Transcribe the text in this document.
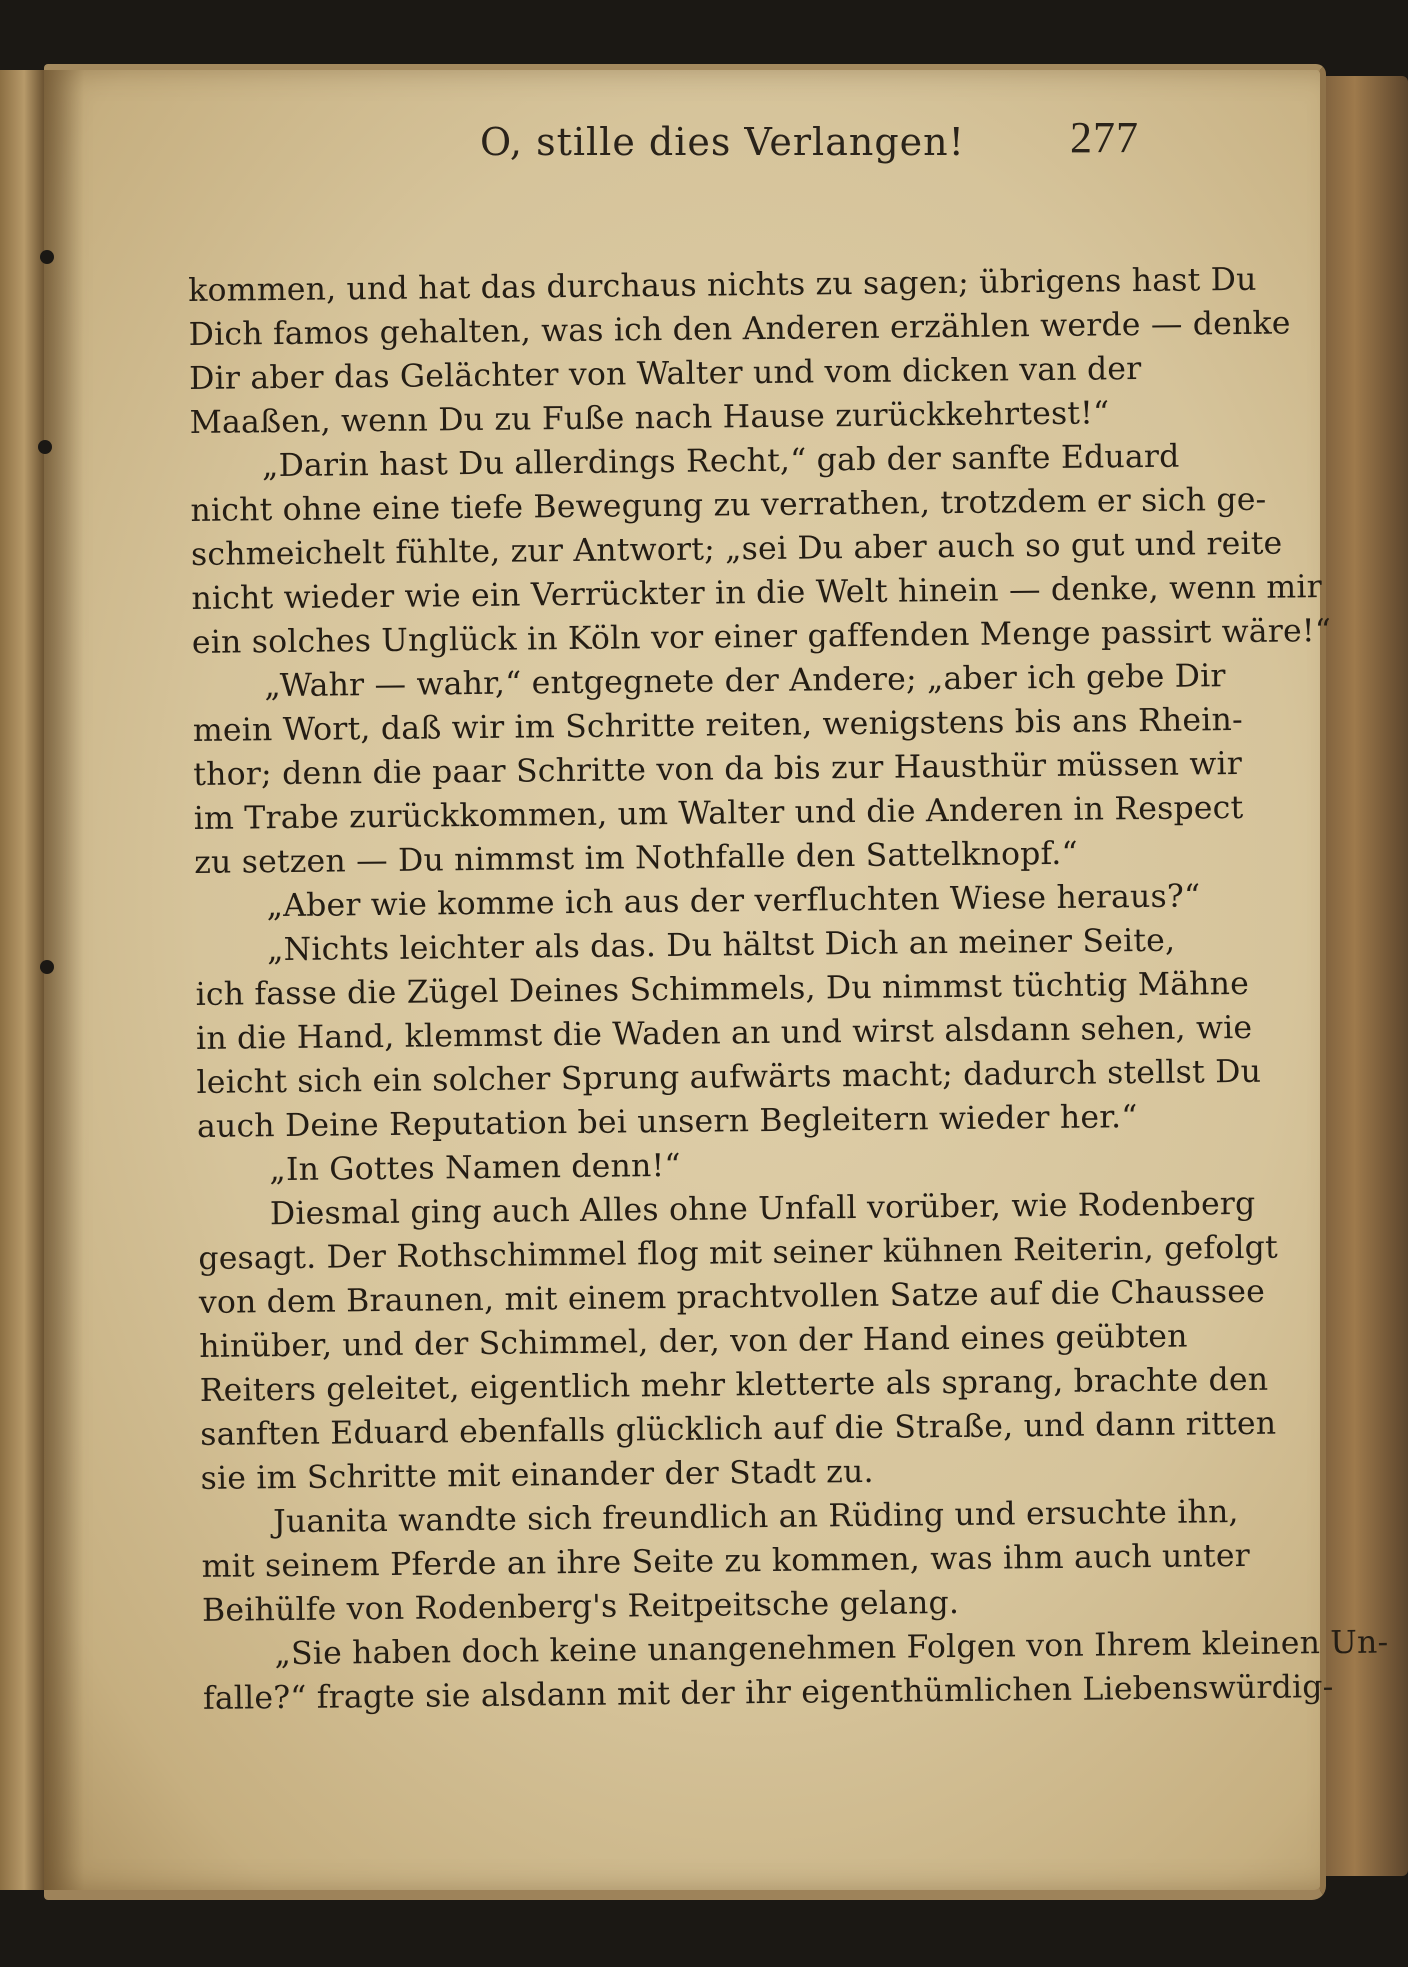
O, stille dies Verlangen! 277
kommen, und hat das durchaus nichts zu sagen; übrigens hast Du
Dich famos gehalten, was ich den Anderen erzählen werde — denke
Dir aber das Gelächter von Walter und vom dicken van der
Maaßen, wenn Du zu Fuße nach Hause zurückkehrtest!“
„Darin hast Du allerdings Recht,“ gab der sanfte Eduard
nicht ohne eine tiefe Bewegung zu verrathen, trotzdem er sich ge-
schmeichelt fühlte, zur Antwort; „sei Du aber auch so gut und reite
nicht wieder wie ein Verrückter in die Welt hinein — denke, wenn mir
ein solches Unglück in Köln vor einer gaffenden Menge passirt wäre!“
„Wahr — wahr,“ entgegnete der Andere; „aber ich gebe Dir
mein Wort, daß wir im Schritte reiten, wenigstens bis ans Rhein-
thor; denn die paar Schritte von da bis zur Hausthür müssen wir
im Trabe zurückkommen, um Walter und die Anderen in Respect
zu setzen — Du nimmst im Nothfalle den Sattelknopf.“
„Aber wie komme ich aus der verfluchten Wiese heraus?“
„Nichts leichter als das. Du hältst Dich an meiner Seite,
ich fasse die Zügel Deines Schimmels, Du nimmst tüchtig Mähne
in die Hand, klemmst die Waden an und wirst alsdann sehen, wie
leicht sich ein solcher Sprung aufwärts macht; dadurch stellst Du
auch Deine Reputation bei unsern Begleitern wieder her.“
„In Gottes Namen denn!“
Diesmal ging auch Alles ohne Unfall vorüber, wie Rodenberg
gesagt. Der Rothschimmel flog mit seiner kühnen Reiterin, gefolgt
von dem Braunen, mit einem prachtvollen Satze auf die Chaussee
hinüber, und der Schimmel, der, von der Hand eines geübten
Reiters geleitet, eigentlich mehr kletterte als sprang, brachte den
sanften Eduard ebenfalls glücklich auf die Straße, und dann ritten
sie im Schritte mit einander der Stadt zu.
Juanita wandte sich freundlich an Rüding und ersuchte ihn,
mit seinem Pferde an ihre Seite zu kommen, was ihm auch unter
Beihülfe von Rodenberg's Reitpeitsche gelang.
„Sie haben doch keine unangenehmen Folgen von Ihrem kleinen Un-
falle?“ fragte sie alsdann mit der ihr eigenthümlichen Liebenswürdig-
